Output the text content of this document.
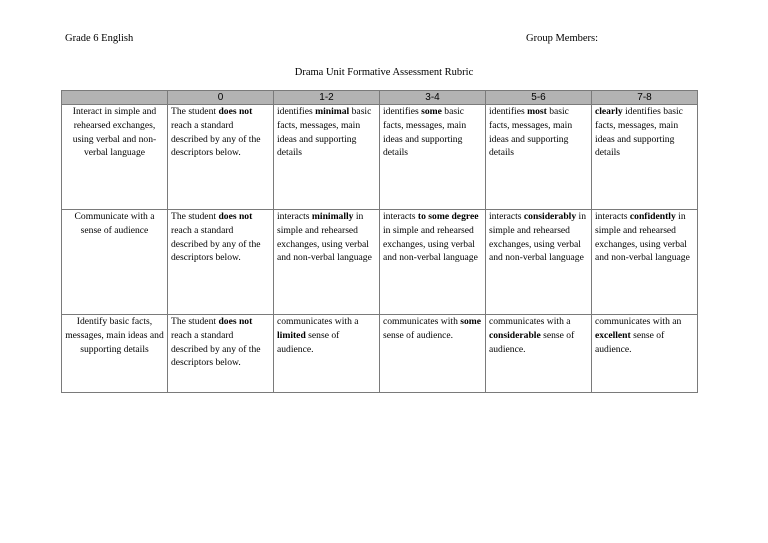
Grade 6 English	Group Members:
Drama Unit Formative Assessment Rubric
	0	1-2	3-4	5-6	7-8
Interact in simple and rehearsed exchanges, using verbal and non-verbal language	The student does not reach a standard described by any of the descriptors below.	identifies minimal basic facts, messages, main ideas and supporting details	identifies some basic facts, messages, main ideas and supporting details	identifies most basic facts, messages, main ideas and supporting details	clearly identifies basic facts, messages, main ideas and supporting details
Communicate with a sense of audience	The student does not reach a standard described by any of the descriptors below.	interacts minimally in simple and rehearsed exchanges, using verbal and non-verbal language	interacts to some degree in simple and rehearsed exchanges, using verbal and non-verbal language	interacts considerably in simple and rehearsed exchanges, using verbal and non-verbal language	interacts confidently in simple and rehearsed exchanges, using verbal and non-verbal language
Identify basic facts, messages, main ideas and supporting details	The student does not reach a standard described by any of the descriptors below.	communicates with a limited sense of audience.	communicates with some sense of audience.	communicates with a considerable sense of audience.	communicates with an excellent sense of audience.
